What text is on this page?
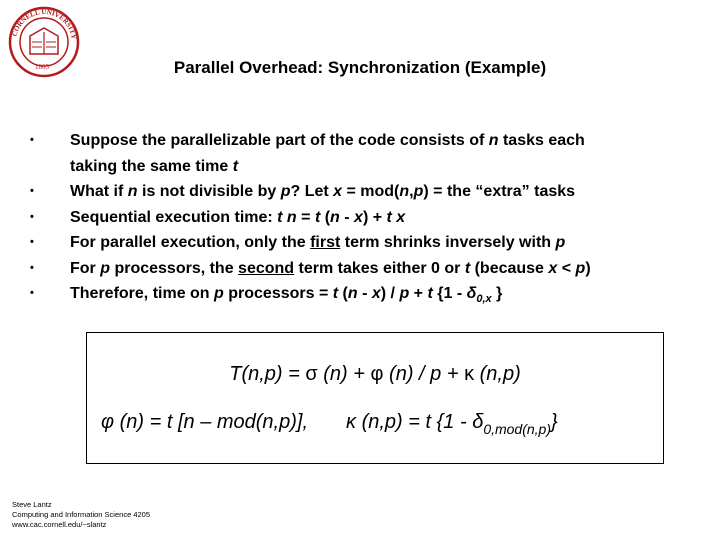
CORNELL UNIVERSITY
1865	Parallel Overhead: Synchronization (Example)
•	Suppose the parallelizable part of the code consists of n tasks each
taking the same time t
•	What if n is not divisible by p? Let x = mod(n,p) = the “extra” tasks
•	Sequential execution time: t n = t (n - x) + t x
•	For parallel execution, only the first term shrinks inversely with p
•	For p processors, the second term takes either 0 or t (because x < p)
•	Therefore, time on p processors = t (n - x) / p + t {$1 - \delta_{0,x}$ }
T(n,p) = σ (n) + φ (n) / p + κ (n,p)
φ (n) = t [n – mod(n,p)], κ (n,p) = t $\{1 - \delta_{0,mod(n,p)}\}$
Steve Lantz
Computing and Information Science 4205
www.cac.cornell.edu/~slantz
